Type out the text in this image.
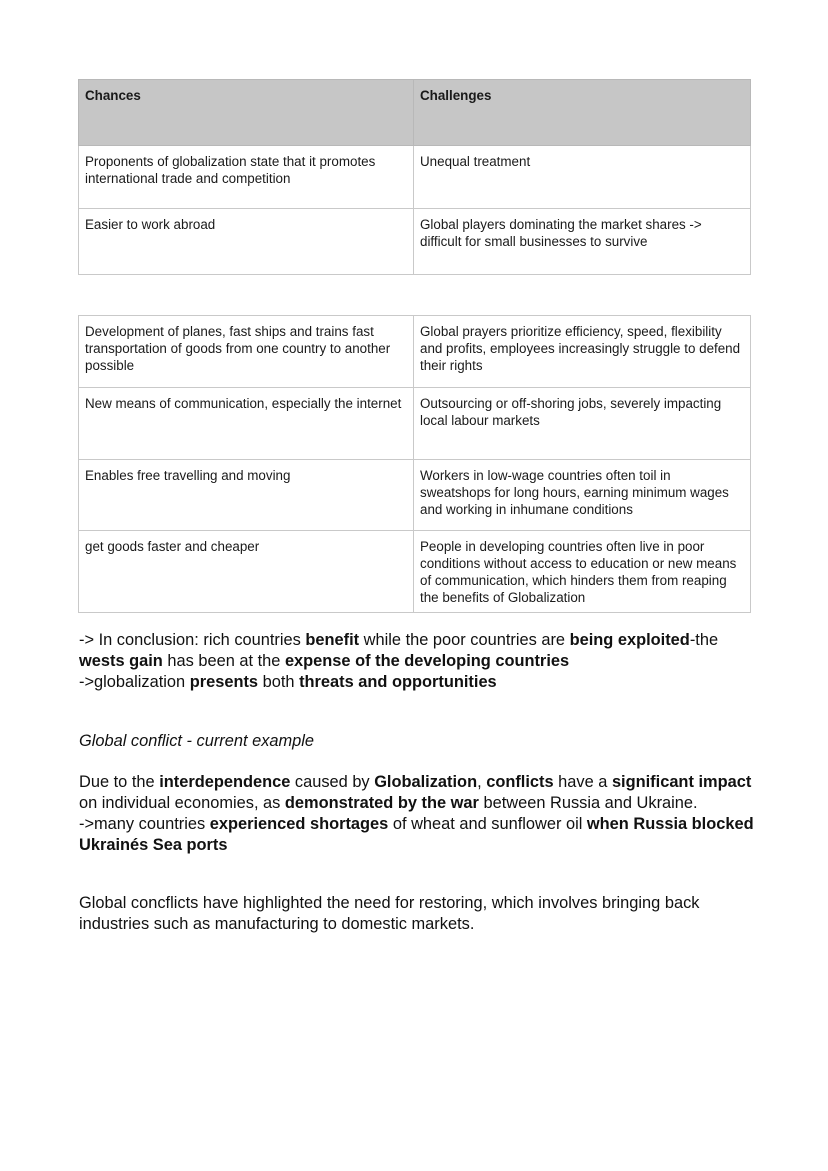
Chances	Challenges
Proponents of globalization state that it promotes international trade and competition	Unequal treatment
Easier to work abroad	Global players dominating the market shares -> difficult for small businesses to survive
Development of planes, fast ships and trains fast transportation of goods from one country to another possible	Global prayers prioritize efficiency, speed, flexibility and profits, employees increasingly struggle to defend their rights
New means of communication, especially the internet	Outsourcing or off-shoring jobs, severely impacting local labour markets
Enables free travelling and moving	Workers in low-wage countries often toil in sweatshops for long hours, earning minimum wages and working in inhumane conditions
get goods faster and cheaper	People in developing countries often live in poor conditions without access to education or new means of communication, which hinders them from reaping the benefits of Globalization

-> In conclusion: rich countries benefit while the poor countries are being exploited-the
wests gain has been at the expense of the developing countries
->globalization presents both threats and opportunities

Global conflict - current example

Due to the interdependence caused by Globalization, conflicts have a significant impact on individual economies, as demonstrated by the war between Russia and Ukraine.
->many countries experienced shortages of wheat and sunflower oil when Russia blocked Ukrainés Sea ports

Global concflicts have highlighted the need for restoring, which involves bringing back industries such as manufacturing to domestic markets.
